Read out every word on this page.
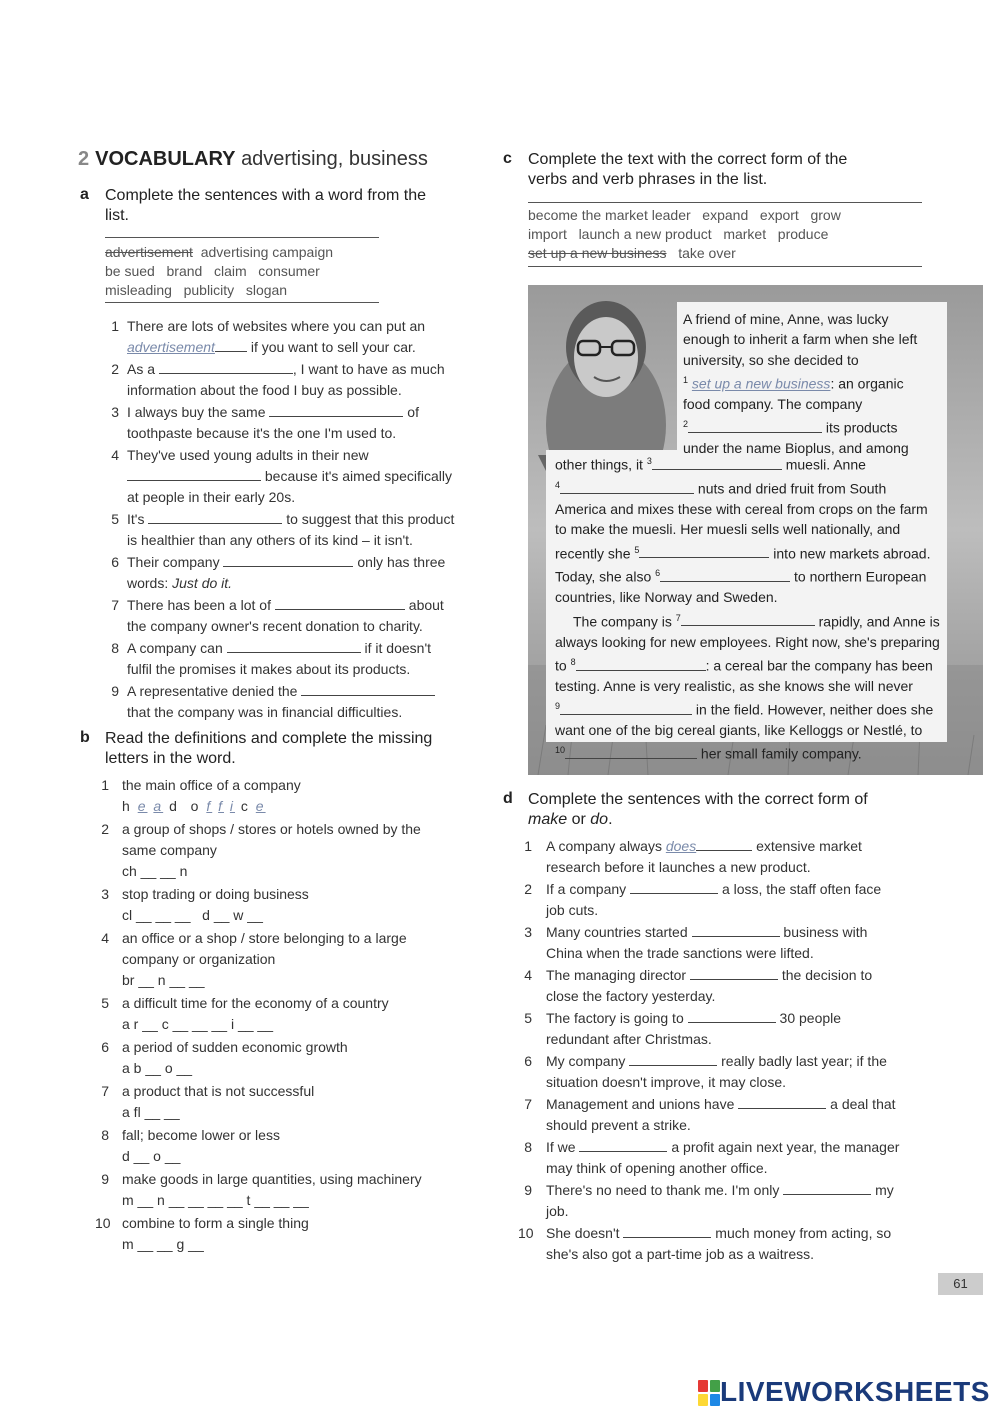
2 VOCABULARY advertising, business
a Complete the sentences with a word from the
list.
advertisement advertising campaign
be sued   brand   claim   consumer
misleading   publicity   slogan
1 There are lots of websites where you can put an
advertisement	if you want to sell your car.
2 As a	, I want to have as much
information about the food I buy as possible.
3 I always buy the same	of
toothpaste because it's the one I'm used to.
4 They've used young adults in their new
because it's aimed specifically
at people in their early 20s.
5 It's	to suggest that this product
is healthier than any others of its kind – it isn't.
6 Their company	only has three
words: Just do it.
7 There has been a lot of	about
the company owner's recent donation to charity.
8 A company can	if it doesn't
fulfil the promises it makes about its products.
9 A representative denied the
that the company was in financial difficulties.
b Read the definitions and complete the missing
letters in the word.
1 the main office of a company
h e a d o f f i c e
2 a group of shops / stores or hotels owned by the
same company
ch __ __ n
3 stop trading or doing business
cl __ __ __   d __ w __
4 an office or a shop / store belonging to a large
company or organization
br __ n __ __
5 a difficult time for the economy of a country
a r __ c __ __ __ i __ __
6 a period of sudden economic growth
a b __ o __
7 a product that is not successful
a fl __ __
8 fall; become lower or less
d __ o __
9 make goods in large quantities, using machinery
m __ n __ __ __ __ t __ __ __
10 combine to form a single thing
m __ __ g __
c Complete the text with the correct form of the
verbs and verb phrases in the list.
become the market leader   expand   export   grow
import   launch a new product   market   produce
set up a new business take over
A friend of mine, Anne, was lucky
enough to inherit a farm when she left
university, so she decided to
$^1$ set up a new business: an organic
food company. The company
$^2$	its products
under the name Bioplus, and among
other things, it $^3$	muesli. Anne
$^4$	nuts and dried fruit from South
America and mixes these with cereal from crops on the farm
to make the muesli. Her muesli sells well nationally, and
recently she $^5$	into new markets abroad.
Today, she also $^6$	to northern European
countries, like Norway and Sweden.
The company is $^7$	rapidly, and Anne is
always looking for new employees. Right now, she's preparing
to $^8$	: a cereal bar the company has been
testing. Anne is very realistic, as she knows she will never
$^9$	in the field. However, neither does she
want one of the big cereal giants, like Kelloggs or Nestlé, to
$^{10}$	her small family company.
d Complete the sentences with the correct form of
make or do.
1 A company always does	extensive market
research before it launches a new product.
2 If a company	a loss, the staff often face
job cuts.
3 Many countries started	business with
China when the trade sanctions were lifted.
4 The managing director	the decision to
close the factory yesterday.
5 The factory is going to	30 people
redundant after Christmas.
6 My company	really badly last year; if the
situation doesn't improve, it may close.
7 Management and unions have	a deal that
should prevent a strike.
8 If we	a profit again next year, the manager
may think of opening another office.
9 There's no need to thank me. I'm only	my
job.
10 She doesn't	much money from acting, so
she's also got a part-time job as a waitress.
61
LIVEWORKSHEETS
